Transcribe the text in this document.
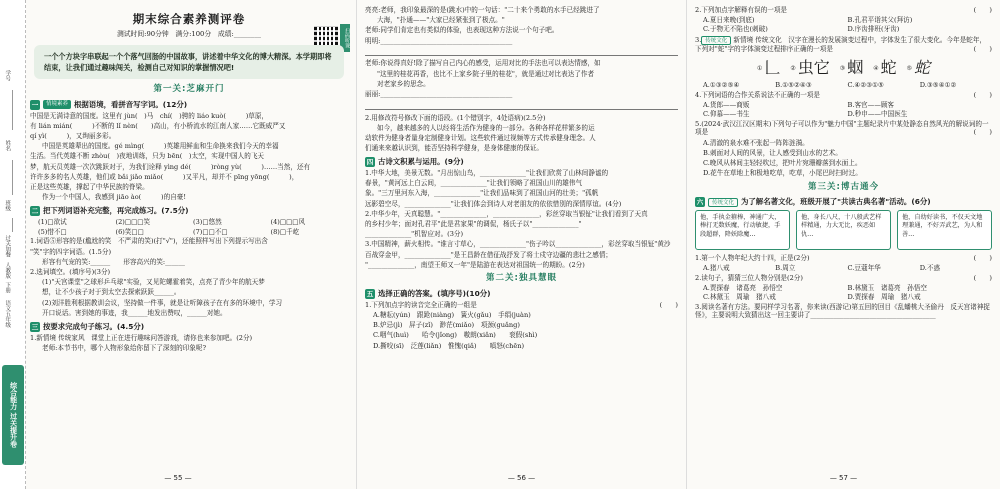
学号
姓名
班级
过关加餐
人教版
下册
语文五年级
综合能力 过关提升卷
期末综合素养测评卷
测试时间:90分钟　满分:100分　成绩:________	扫码听课
一个个方块字串联起一个个落气回肠的中国故事，讲述着中华文化的博大精深。本学期即将结束，让我们通过趣味闯关，检测自己对知识的掌握情况吧!
第一关:芝麻开门
一	情境素养 根据语境，看拼音写字词。(12分)

中国是无满诗意的国度。这里有 jùn(　)马　chí(　)骋的 liáo kuò(　　　)草原，

有 lián mián(　　　)不断的 lǐ nèn(　　)高山，有小桥流水的江南人家……它既威严又

qí yì(　　　)，又绚丽多彩。

中国是英雄辈出的国度。gé mìng(　　　)英雄用鲜血和生命换来我们今天的幸福

生活。当代英雄不断 zhòu(　)夜地训练，只为 bēn(　)太空，实现中国人的飞天

梦，航天员英雄一次次跳跃对于，为我们诠释 yìng dé(　　　)ròng yù(　　　)……当然，还有

许许多多的名人英雄，他们或 bǎi jiǎo miǎo(　　　)又平凡，却并不 pīng yōng(　　　)，

正是这些英雄，撑起了中华民族的脊梁。

作为一个中国人，我感到 jiāo ào(　　　)的自豪!

二 把下列词语补充完整，再完成练习。(7.5分)
(1)□欲试	(2)□□□笑	(3)□悠然	(4)□□□风
(5)惜不□	(6)笑□□	(7)□□不□	(8)□千屹

1.词语⑤形容的是(尴尬的笑　不严肃的笑)(打"√")，还能照样写出下列提示写出含

"笑"字的四字词语。(1.5分)

形容有气宠的笑:______　　形容高兴的笑:______

2.选词填空。(填序号)(3分)

(1)"天宫课堂"之球形乒乓球"实验，又见陀螺霍着笑，点亮了青少年的航天梦

想，让不少孩子对于到太空去探索跃跃______。

(2)刘洋胜利根据教训会议，坚持做一件事，就是让听障孩子在有多的环境中，学习

开口说话。害到她的事迹，我______地发出赞叹，______对她。

三 按要求完成句子练习。(4.5分)

1.新情境 传统家风　课堂上正在进行趣味问答游戏，请你也来参加吧。(2分)

老师:本节书中，哪个人物形象给你留下了深刻的印象呢?

— 55 —

亮亮:老师，我印象最深的是(跳水)中的一句话："二十来个勇敢的水手已经跳进了

大海，"扑通——"大家已经紧张到了极点。"

老师:同学们肯定也有类似的体验，也表现这种方法说一个句子吧。

明明:________________________________________

老师:你说得真好!除了描写自己内心的感受，运用对比的手法也可以表达情感，如

"这里的桂花再香，也比不上家乡院子里的桂花"，就是通过对比表达了作者

对老家乡的思念。

丽丽:________________________________________

2.用修改符号修改下面的语段。(1个错别字，4处语病)(2.5分)

如今，越来越多的人以经将生活作为健身的一部分。各种各样花样繁多的运

动软件为健身者量身定制健身计划。这些软件通过视频等方式传承健身理念。人

们通来来越认识到，能否坚持科学健身，是身体健康的保证。

四 古诗文积累与运用。(9分)

1.中华大地，美景无数。"月出惊山鸟，______________"让我们欣赏了山林间静谧的

春景，"黄河远上白云间，______________"让我们领略了祖国山川的雄伟气

象。"三万里河东入海，______________"让我们品味到了祖国山河的壮美；"孤帆

远影碧空尽，______________"让我们体会到诗人对老朋友的依依惜别的深情厚谊。(4分)

2.中华少年，天真聪慧。"______________，______________，彩丝穿取当银钲"让我们看到了天真

的乡村少年；面对孔君平"此是君家果"的调侃，杨氏子以"______________"

______________"机智应对。(3分)

3.中国精神，薪火相传。"谁言寸草心，______________"伤子吟以______________，彩丝穿取当银钲"黄沙

百战穿金甲，______________"是王昌龄在借征战抒发了将士戍守边疆的悲壮之感情；

"______________，南望王师又一年"是陆游在表达对祖国统一的期盼。(2分)

第二关:独具慧眼
五 选择正确的答案。(填序号)(10分)

1.下列加点字的读音完全正确的一组是	(　　)

A.糖耘(yún)　跟跄(niàng)　簧火(gǎu)　手绢(juàn)

B.炉忌(jì)　屏子(zǐ)　渺茫(miǎo)　项颈(guǎng)

C.咽气(huì)　　哈令(jǐong)　嗷朗(xiǎn)　　衮假(shì)

D.撕咬(sī)　泛莲(liǎn)　惟愧(qiǎ)　　嗔怒(chēn)

— 56 —

2.下列加点字解释有误的一项是	(　　)

A.夏日来晚(到底)	B.孔君平诣其父(拜访)
C.于物无不陷也(刺破)	D.序齿排班(牙齿)

3. 传统文化 新情境 传统文化　汉字在漫长的发展演变过程中，字体发生了很大变化。今年是蛇年，下列对"蛇"字的字体演变过程排序正确的一项是	(　　)

① 𠃊 ② 虫它 ③ 𧉫 ④ 蛇 ⑤ 蛇
A.①③②⑤④	B.①⑤②④③	C.④②③①⑤	D.③⑤④①②

4.下列词语的合作关系说法不正确的一项是	(　　)

A.货郎——商贩	B.客官——顾客
C.仰慕——书生	D.秒申——中国医生

5.(2024·武汉江汉区期末)下列句子可以作为"魅力中国"主题纪录片中某处静态自然风光的解说词的一项是	(　　)

A.清澈的泉水难不张起一阵阵涟漪。

B.刺面对人间的风景，让人感受到山水的艺术。

C.晚风从林间主轻轻吹过，把叶片宛珊瓣落到水面上。

D.花牛在草地上和极地吃草，吃草，小尾巴时扫时过。

第三关:博古通今
六	传统文化 为了解名著文化，班级开展了"共读古典名著"活动。(6分)
他，手执金箍棒，神通广大，棒打无数妖魔，行动敏捷，手段超群，降妖除魔…
他，身长八尺，十八般武艺样样精通，力大无比，疾恶如仇…
他，自幼好读书，不仅天文地理兼通，不好弄武艺，为人和善…

1.第一个人物年纪大约十四，正是(2分)	(　　)

A.猪八戒	B.周立	C.豆蔻年华	D.不惑

2.读句子，猜猜三位人物分别是(2分)	(　　)

A.贾探春　诸葛亮　孙悟空	B.林黛玉　诸葛亮　孙悟空
C.林黛玉　周瑜　猪八戒	D.贾探春　周瑜　猪八戒

3.阅读名著有方法。要同样学习名著，你来读(西游记)第五回的回目《乱蟠桃大圣偷丹　反天宫诸神捉怪》，主要说明大致猜出这一回主要讲了______________________________________

— 57 —
